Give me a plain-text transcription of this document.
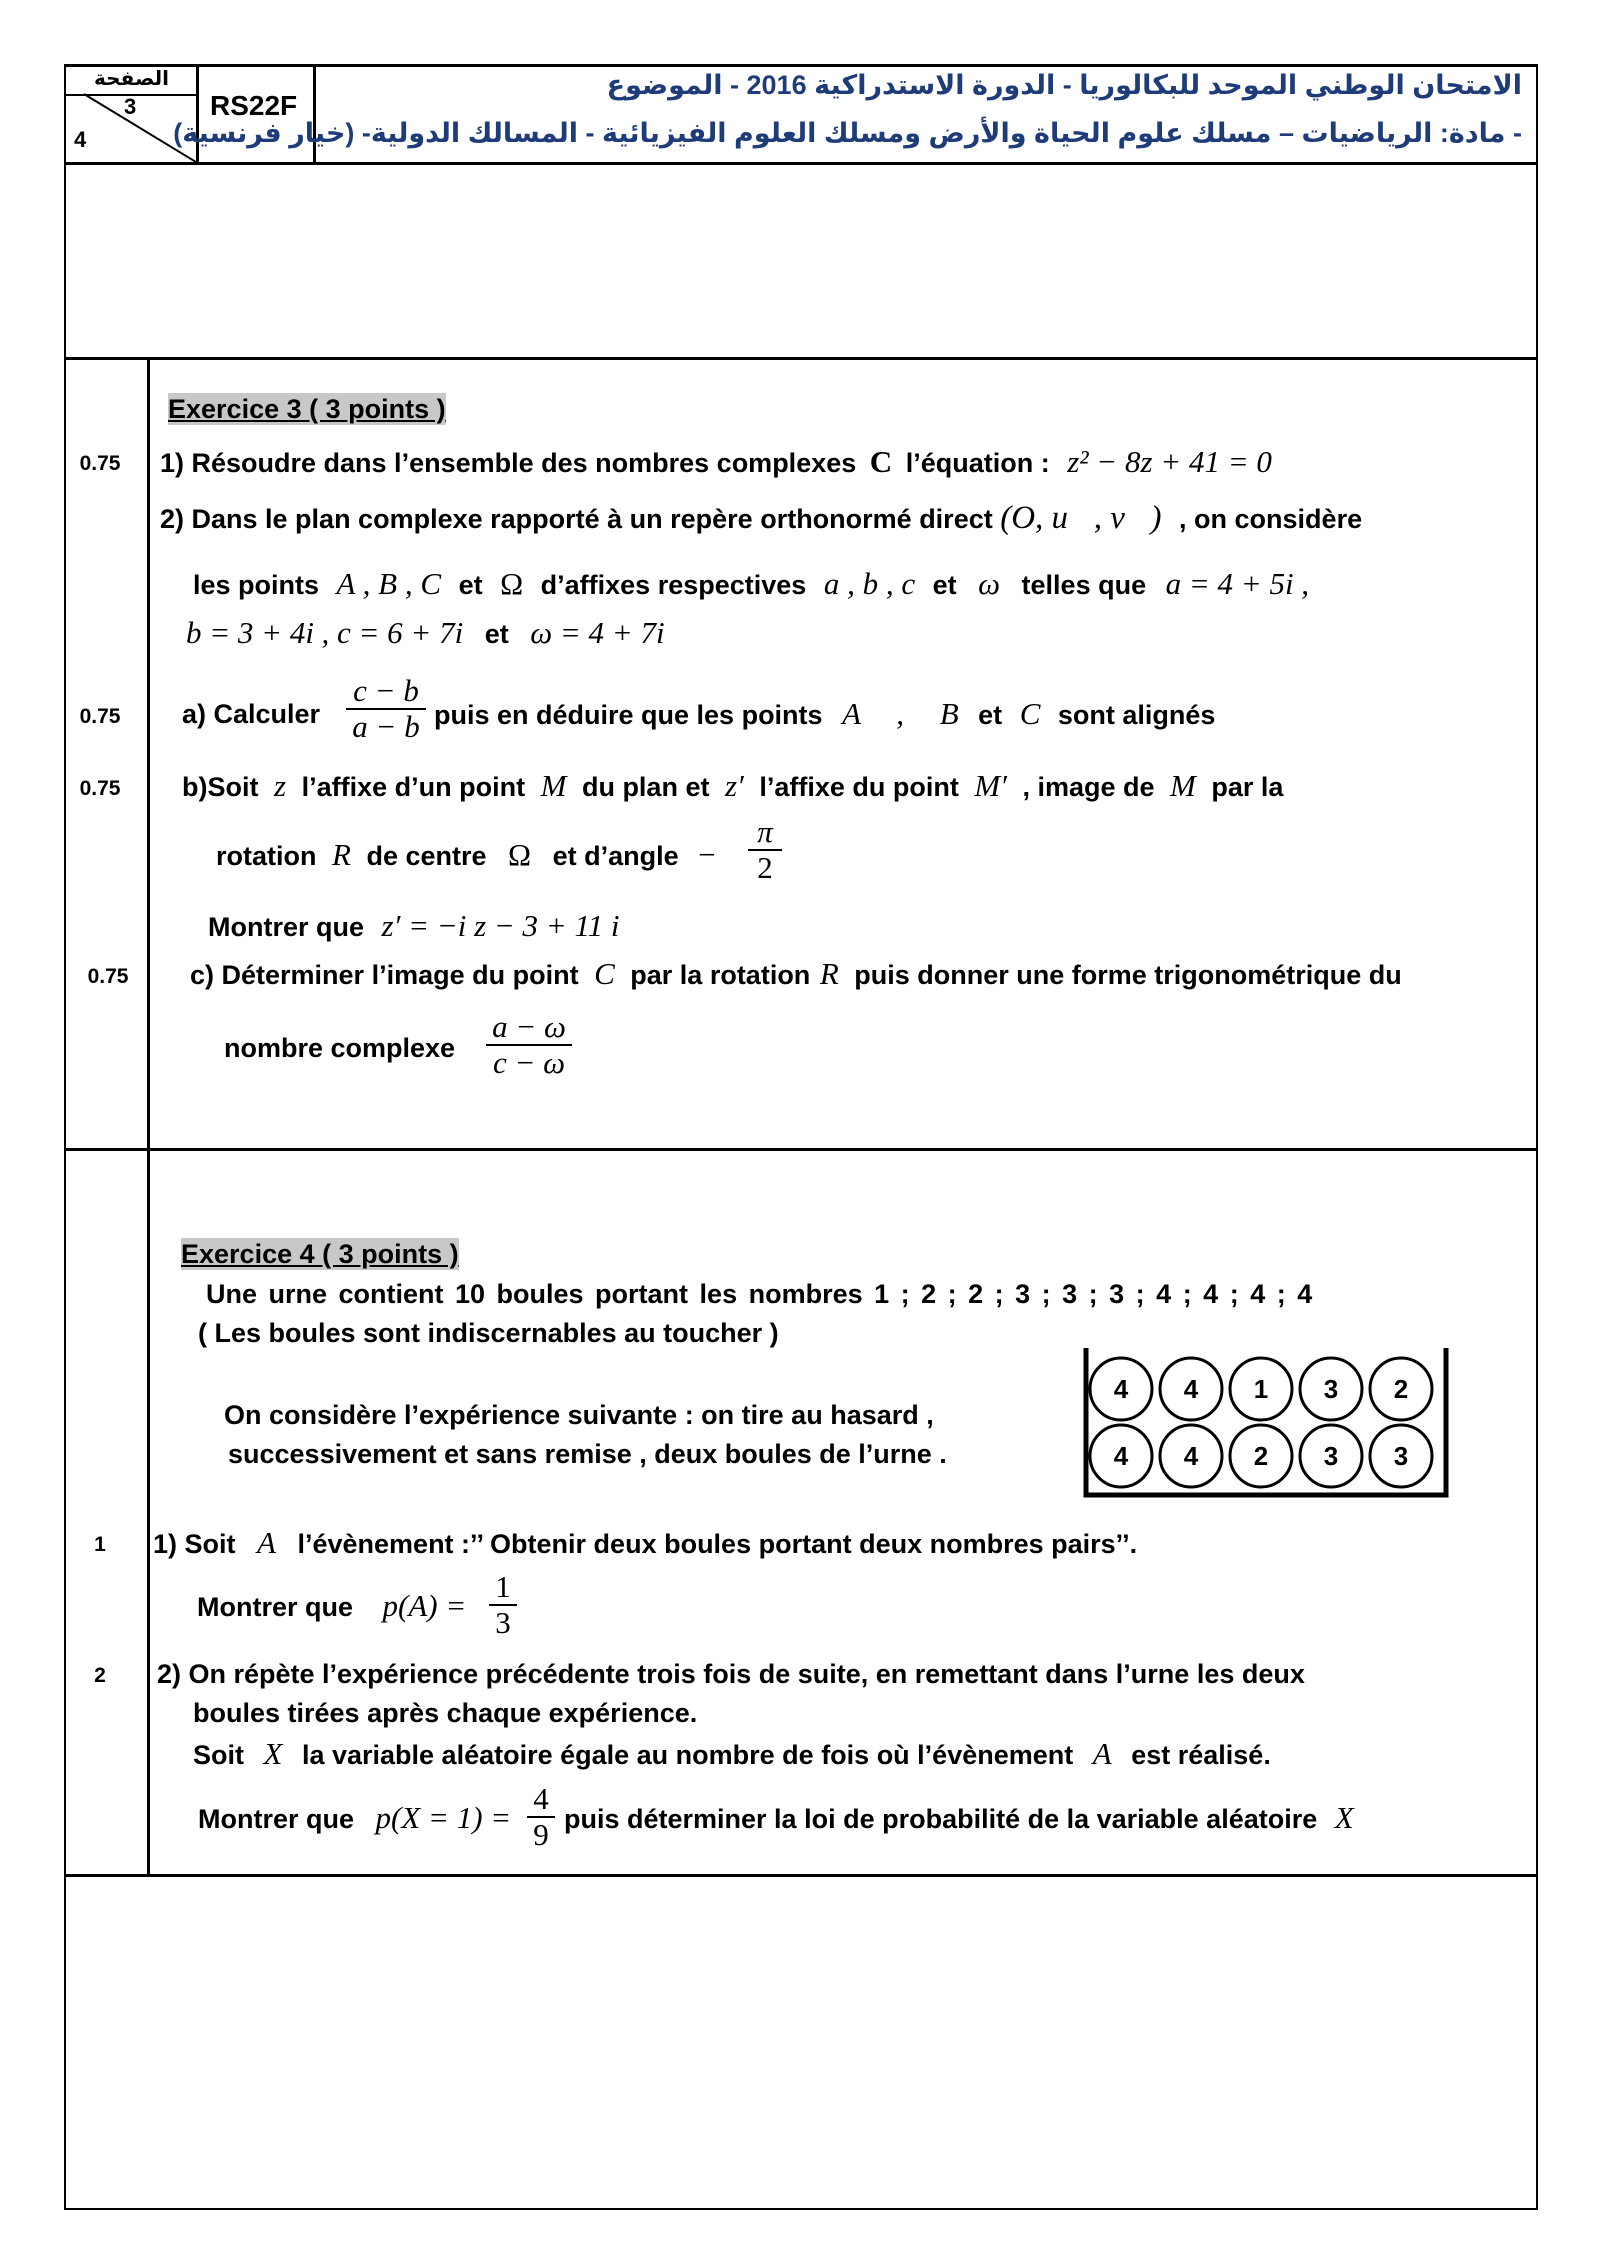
الصفحة
3
4
RS22F
الامتحان الوطني الموحد للبكالوريا - الدورة الاستدراكية 2016 - الموضوع
- مادة: الرياضيات – مسلك علوم الحياة والأرض ومسلك العلوم الفيزيائية - المسالك الدولية- (خيار فرنسية)
Exercice 3 ( 3 points )
0.75	1) Résoudre dans l’ensemble des nombres complexes C l’équation : z² − 8z + 41 = 0
2) Dans le plan complexe rapporté à un repère orthonormé direct (O, u⃗, v⃗) , on considère
les points A , B , C et Ω d’affixes respectives a , b , c et ω telles que a = 4 + 5i ,
b = 3 + 4i , c = 6 + 7i et ω = 4 + 7i
0.75	a) Calculer $\frac{c - b}{a - b}$ puis en déduire que les points A , B et C sont alignés
0.75	b)Soit z l’affixe d’un point M du plan et z′ l’affixe du point M′ , image de M par la
rotation R de centre Ω et d’angle − $\frac{\pi}{2}$
Montrer que z′ = −i z − 3 + 11 i
0.75	c) Déterminer l’image du point C par la rotation R puis donner une forme trigonométrique du
nombre complexe $\frac{a - \omega}{c - \omega}$
Exercice 4 ( 3 points )
Une urne contient 10 boules portant les nombres 1 ; 2 ; 2 ; 3 ; 3 ; 3 ; 4 ; 4 ; 4 ; 4
( Les boules sont indiscernables au toucher )
On considère l’expérience suivante : on tire au hasard ,
successivement et sans remise , deux boules de l’urne .
4 4 1 3 2
4 4 2 3 3
1	1) Soit A l’évènement :’’ Obtenir deux boules portant deux nombres pairs’’.
Montrer que $p(A) = \frac{1}{3}$
2	2) On répète l’expérience précédente trois fois de suite, en remettant dans l’urne les deux
boules tirées après chaque expérience.
Soit X la variable aléatoire égale au nombre de fois où l’évènement A est réalisé.
Montrer que $p(X = 1) = \frac{4}{9}$ puis déterminer la loi de probabilité de la variable aléatoire X
